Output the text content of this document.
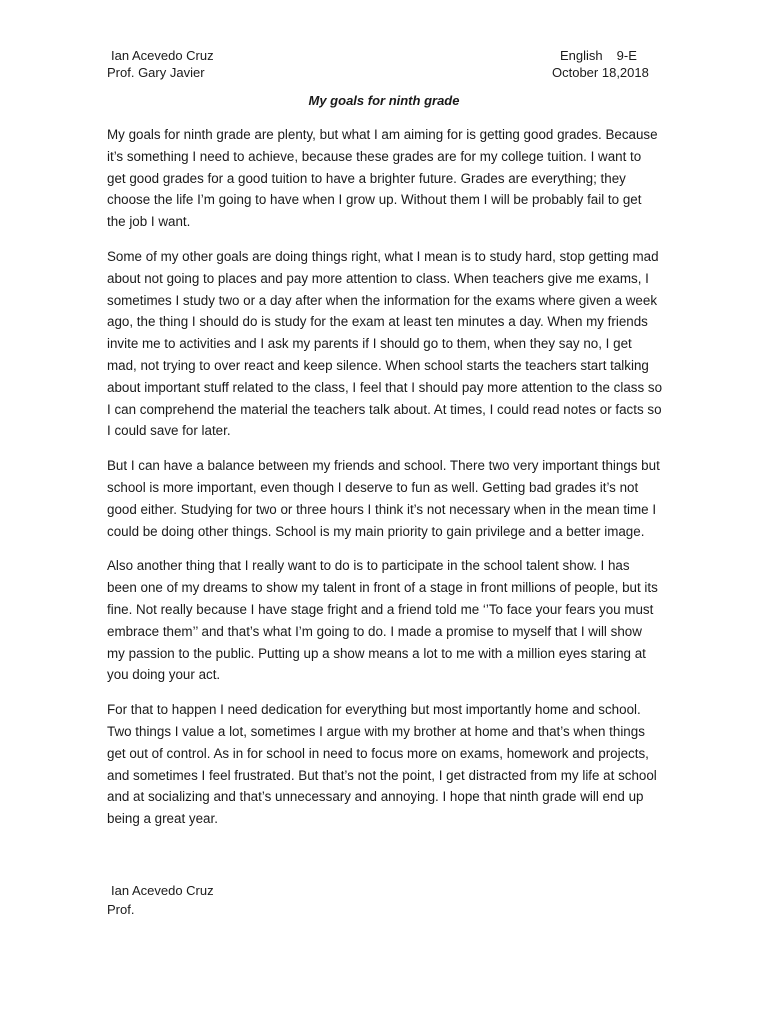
Ian Acevedo Cruz
Prof. Gary Javier
English 9-E
October 18,2018
My goals for ninth grade

My goals for ninth grade are plenty, but what I am aiming for is getting good grades. Because it’s something I need to achieve, because these grades are for my college tuition. I want to get good grades for a good tuition to have a brighter future. Grades are everything; they choose the life I’m going to have when I grow up. Without them I will be probably fail to get the job I want.

Some of my other goals are doing things right, what I mean is to study hard, stop getting mad about not going to places and pay more attention to class. When teachers give me exams, I sometimes I study two or a day after when the information for the exams where given a week ago, the thing I should do is study for the exam at least ten minutes a day. When my friends invite me to activities and I ask my parents if I should go to them, when they say no, I get mad, not trying to over react and keep silence. When school starts the teachers start talking about important stuff related to the class, I feel that I should pay more attention to the class so I can comprehend the material the teachers talk about. At times, I could read notes or facts so I could save for later.

But I can have a balance between my friends and school. There two very important things but school is more important, even though I deserve to fun as well. Getting bad grades it’s not good either. Studying for two or three hours I think it’s not necessary when in the mean time I could be doing other things. School is my main priority to gain privilege and a better image.

Also another thing that I really want to do is to participate in the school talent show. I has been one of my dreams to show my talent in front of a stage in front millions of people, but its fine. Not really because I have stage fright and a friend told me ‘’To face your fears you must embrace them’’ and that’s what I’m going to do. I made a promise to myself that I will show my passion to the public. Putting up a show means a lot to me with a million eyes staring at you doing your act.

For that to happen I need dedication for everything but most importantly home and school. Two things I value a lot, sometimes I argue with my brother at home and that’s when things get out of control. As in for school in need to focus more on exams, homework and projects, and sometimes I feel frustrated. But that’s not the point, I get distracted from my life at school and at socializing and that’s unnecessary and annoying. I hope that ninth grade will end up being a great year.

Ian Acevedo Cruz
Prof.
